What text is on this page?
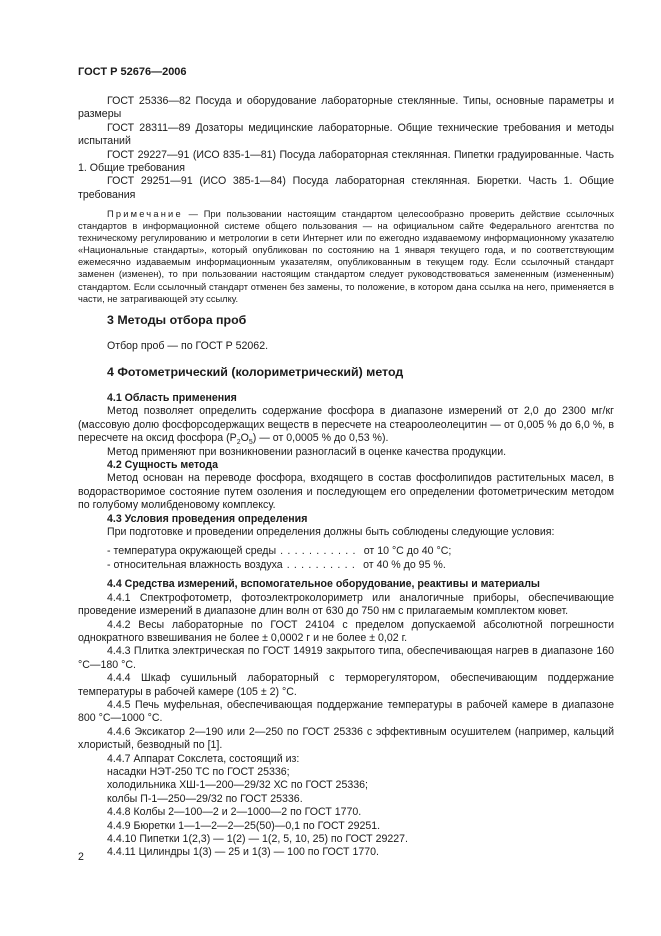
ГОСТ Р 52676—2006

ГОСТ 25336—82 Посуда и оборудование лабораторные стеклянные. Типы, основные параметры и размеры

ГОСТ 28311—89 Дозаторы медицинские лабораторные. Общие технические требования и методы испытаний

ГОСТ 29227—91 (ИСО 835-1—81) Посуда лабораторная стеклянная. Пипетки градуированные. Часть 1. Общие требования

ГОСТ 29251—91 (ИСО 385-1—84) Посуда лабораторная стеклянная. Бюретки. Часть 1. Общие требования

Примечание — При пользовании настоящим стандартом целесообразно проверить действие ссылочных стандартов в информационной системе общего пользования — на официальном сайте Федерального агентства по техническому регулированию и метрологии в сети Интернет или по ежегодно издаваемому информационному указателю «Национальные стандарты», который опубликован по состоянию на 1 января текущего года, и по соответствующим ежемесячно издаваемым информационным указателям, опубликованным в текущем году. Если ссылочный стандарт заменен (изменен), то при пользовании настоящим стандартом следует руководствоваться замененным (измененным) стандартом. Если ссылочный стандарт отменен без замены, то положение, в котором дана ссылка на него, применяется в части, не затрагивающей эту ссылку.

3 Методы отбора проб

Отбор проб — по ГОСТ Р 52062.

4 Фотометрический (колориметрический) метод

4.1 Область применения

Метод позволяет определить содержание фосфора в диапазоне измерений от 2,0 до 2300 мг/кг (массовую долю фосфорсодержащих веществ в пересчете на стеароолеолецитин — от 0,005 % до 6,0 %, в пересчете на оксид фосфора $(P_2O_5)$ — от 0,0005 % до 0,53 %).

Метод применяют при возникновении разногласий в оценке качества продукции.

4.2 Сущность метода

Метод основан на переводе фосфора, входящего в состав фосфолипидов растительных масел, в водорастворимое состояние путем озоления и последующем его определении фотометрическим методом по голубому молибденовому комплексу.

4.3 Условия проведения определения

При подготовке и проведении определения должны быть соблюдены следующие условия:

- температура окружающей среды ........... от 10 °С до 40 °С;
- относительная влажность воздуха .......... от 40 % до 95 %.

4.4 Средства измерений, вспомогательное оборудование, реактивы и материалы

4.4.1 Спектрофотометр, фотоэлектроколориметр или аналогичные приборы, обеспечивающие проведение измерений в диапазоне длин волн от 630 до 750 нм с прилагаемым комплектом кювет.

4.4.2 Весы лабораторные по ГОСТ 24104 с пределом допускаемой абсолютной погрешности однократного взвешивания не более ± 0,0002 г и не более ± 0,02 г.

4.4.3 Плитка электрическая по ГОСТ 14919 закрытого типа, обеспечивающая нагрев в диапазоне 160 °С—180 °С.

4.4.4 Шкаф сушильный лабораторный с терморегулятором, обеспечивающим поддержание температуры в рабочей камере (105 ± 2) °С.

4.4.5 Печь муфельная, обеспечивающая поддержание температуры в рабочей камере в диапазоне 800 °С—1000 °С.

4.4.6 Эксикатор 2—190 или 2—250 по ГОСТ 25336 с эффективным осушителем (например, кальций хлористый, безводный по [1].

4.4.7 Аппарат Сокслета, состоящий из:

насадки НЭТ-250 ТС по ГОСТ 25336;

холодильника ХШ-1—200—29/32 ХС по ГОСТ 25336;

колбы П-1—250—29/32 по ГОСТ 25336.

4.4.8 Колбы 2—100—2 и 2—1000—2 по ГОСТ 1770.

4.4.9 Бюретки 1—1—2—2—25(50)—0,1 по ГОСТ 29251.

4.4.10 Пипетки 1(2,3) — 1(2) — 1(2, 5, 10, 25) по ГОСТ 29227.

4.4.11 Цилиндры 1(3) — 25 и 1(3) — 100 по ГОСТ 1770.

2
